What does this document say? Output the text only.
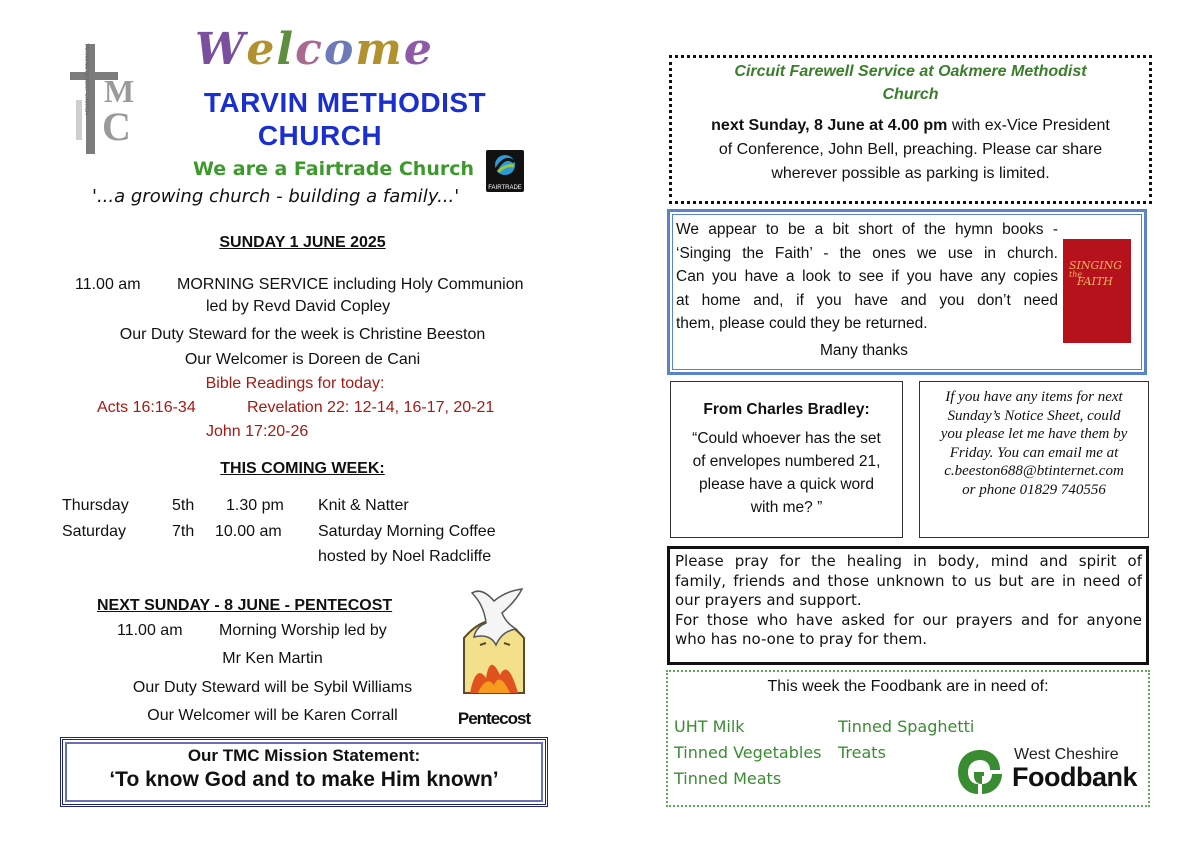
M
C
TARVIN METHODIST CHURCH Welcome
TARVIN METHODIST
CHURCH
We are a Fairtrade Church
FAIRTRADE
'...a growing church - building a family...'
SUNDAY 1 JUNE 2025
11.00 am MORNING SERVICE including Holy Communion
led by Revd David Copley
Our Duty Steward for the week is Christine Beeston
Our Welcomer is Doreen de Cani
Bible Readings for today:
Acts 16:16-34	Revelation 22: 12-14, 16-17, 20-21
John 17:20-26
THIS COMING WEEK:
Thursday	5th 1.30 pm Knit & Natter
Saturday	7th 10.00 am Saturday Morning Coffee
hosted by Noel Radcliffe
NEXT SUNDAY - 8 JUNE - PENTECOST
11.00 am Morning Worship led by
Mr Ken Martin
Our Duty Steward will be Sybil Williams
Our Welcomer will be Karen Corrall	Pentecost
Our TMC Mission Statement:
‘To know God and to make Him known’
Circuit Farewell Service at Oakmere Methodist
Church
next Sunday, 8 June at 4.00 pm with ex-Vice President
of Conference, John Bell, preaching. Please car share
wherever possible as parking is limited.
We appear to be a bit short of the hymn books -
‘Singing the Faith’ - the ones we use in church.
Can you have a look to see if you have any copies
at home and, if you have and you don’t need
them, please could they be returned.
Many thanks
SINGING
the
FAITH
From Charles Bradley:
“Could whoever has the set
of envelopes numbered 21,
please have a quick word
with me? ”
If you have any items for next
Sunday’s Notice Sheet, could
you please let me have them by
Friday. You can email me at
c.beeston688@btinternet.com
or phone 01829 740556
Please pray for the healing in body, mind and spirit of
family, friends and those unknown to us but are in need of
our prayers and support.
For those who have asked for our prayers and for anyone
who has no-one to pray for them.
This week the Foodbank are in need of:
UHT Milk
Tinned Vegetables
Tinned Meats
Tinned Spaghetti
Treats	West Cheshire
Foodbank
